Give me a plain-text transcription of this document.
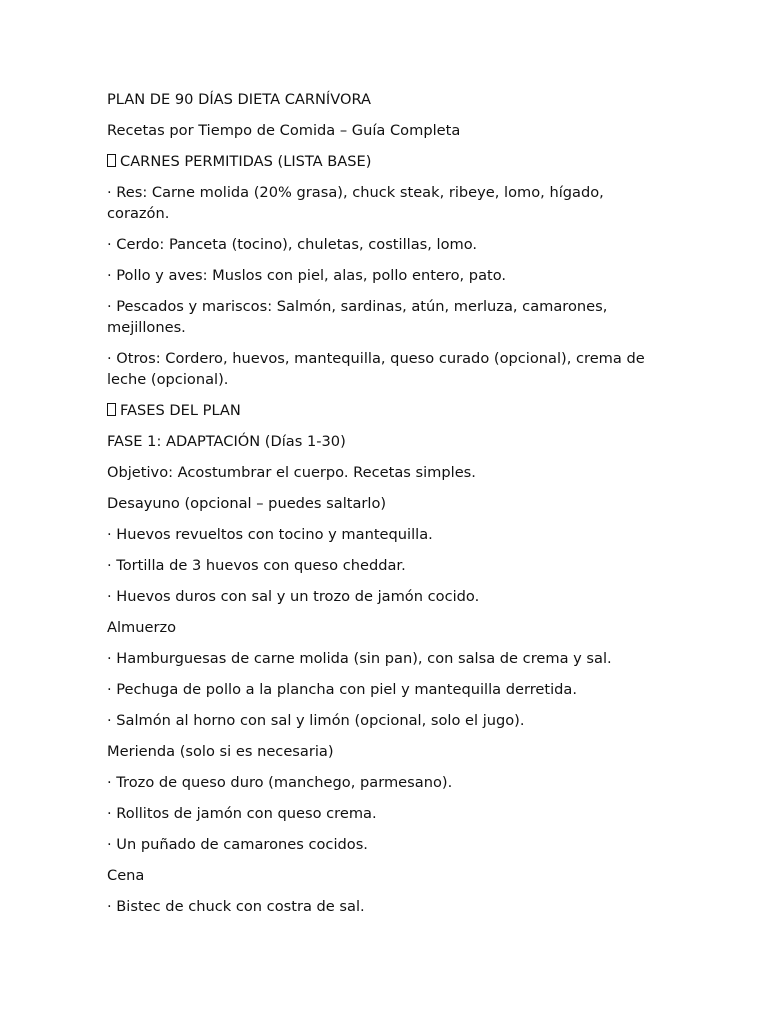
PLAN DE 90 DÍAS DIETA CARNÍVORA

Recetas por Tiempo de Comida – Guía Completa

CARNES PERMITIDAS (LISTA BASE)

· Res: Carne molida (20% grasa), chuck steak, ribeye, lomo, hígado, corazón.

· Cerdo: Panceta (tocino), chuletas, costillas, lomo.

· Pollo y aves: Muslos con piel, alas, pollo entero, pato.

· Pescados y mariscos: Salmón, sardinas, atún, merluza, camarones, mejillones.

· Otros: Cordero, huevos, mantequilla, queso curado (opcional), crema de leche (opcional).

FASES DEL PLAN

FASE 1: ADAPTACIÓN (Días 1-30)

Objetivo: Acostumbrar el cuerpo. Recetas simples.

Desayuno (opcional – puedes saltarlo)

· Huevos revueltos con tocino y mantequilla.

· Tortilla de 3 huevos con queso cheddar.

· Huevos duros con sal y un trozo de jamón cocido.

Almuerzo

· Hamburguesas de carne molida (sin pan), con salsa de crema y sal.

· Pechuga de pollo a la plancha con piel y mantequilla derretida.

· Salmón al horno con sal y limón (opcional, solo el jugo).

Merienda (solo si es necesaria)

· Trozo de queso duro (manchego, parmesano).

· Rollitos de jamón con queso crema.

· Un puñado de camarones cocidos.

Cena

· Bistec de chuck con costra de sal.
